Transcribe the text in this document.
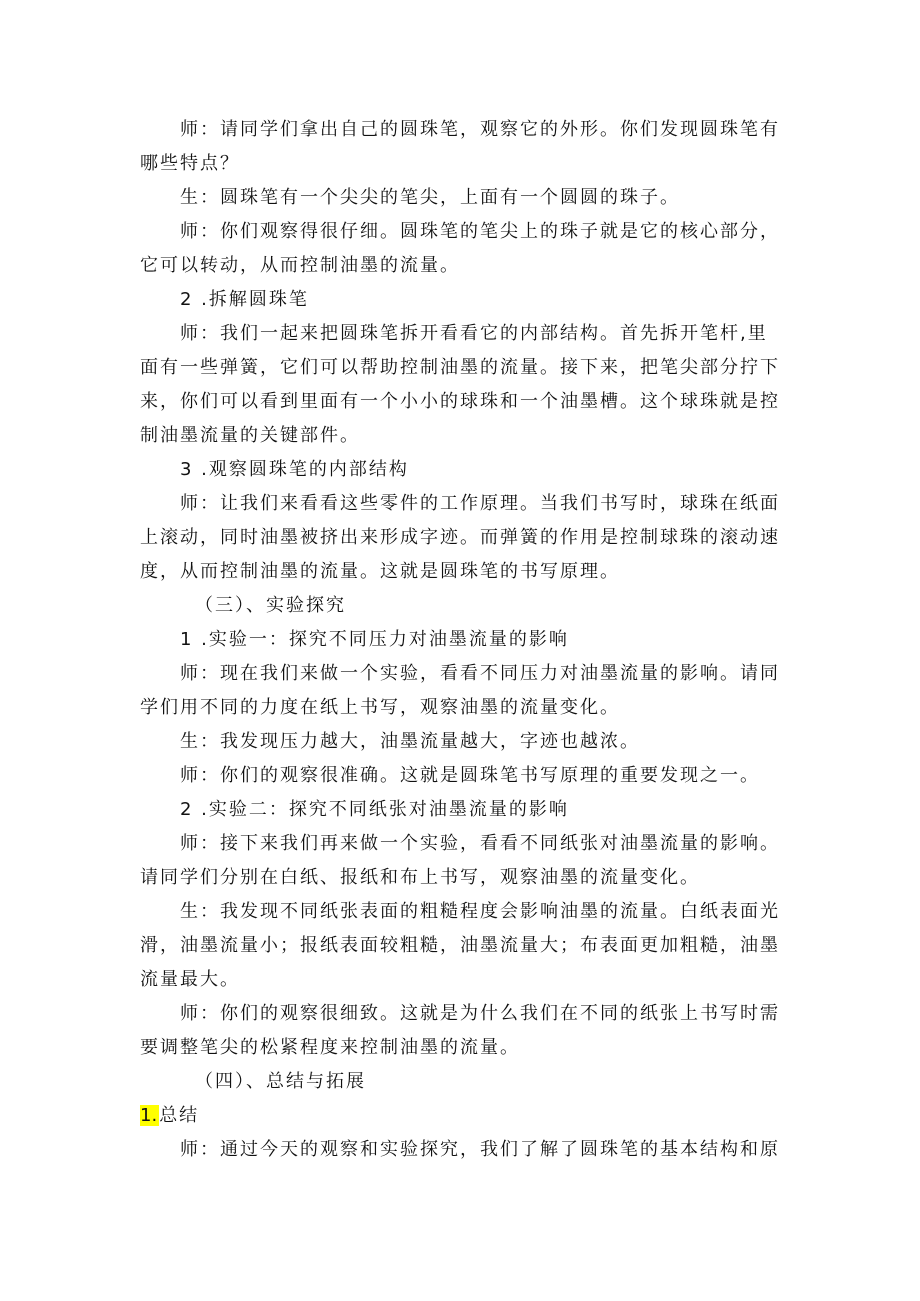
师：请同学们拿出自己的圆珠笔，观察它的外形。你们发现圆珠笔有
哪些特点？
生：圆珠笔有一个尖尖的笔尖，上面有一个圆圆的珠子。
师：你们观察得很仔细。圆珠笔的笔尖上的珠子就是它的核心部分，
它可以转动，从而控制油墨的流量。
2 .拆解圆珠笔
师：我们一起来把圆珠笔拆开看看它的内部结构。首先拆开笔杆,里
面有一些弹簧，它们可以帮助控制油墨的流量。接下来，把笔尖部分拧下
来，你们可以看到里面有一个小小的球珠和一个油墨槽。这个球珠就是控
制油墨流量的关键部件。
3 .观察圆珠笔的内部结构
师：让我们来看看这些零件的工作原理。当我们书写时，球珠在纸面
上滚动，同时油墨被挤出来形成字迹。而弹簧的作用是控制球珠的滚动速
度，从而控制油墨的流量。这就是圆珠笔的书写原理。
（三）、实验探究
1 .实验一：探究不同压力对油墨流量的影响
师：现在我们来做一个实验，看看不同压力对油墨流量的影响。请同
学们用不同的力度在纸上书写，观察油墨的流量变化。
生：我发现压力越大，油墨流量越大，字迹也越浓。
师：你们的观察很准确。这就是圆珠笔书写原理的重要发现之一。
2 .实验二：探究不同纸张对油墨流量的影响
师：接下来我们再来做一个实验，看看不同纸张对油墨流量的影响。
请同学们分别在白纸、报纸和布上书写，观察油墨的流量变化。
生：我发现不同纸张表面的粗糙程度会影响油墨的流量。白纸表面光
滑，油墨流量小；报纸表面较粗糙，油墨流量大；布表面更加粗糙，油墨
流量最大。
师：你们的观察很细致。这就是为什么我们在不同的纸张上书写时需
要调整笔尖的松紧程度来控制油墨的流量。
（四）、总结与拓展
1. 总结
师：通过今天的观察和实验探究，我们了解了圆珠笔的基本结构和原
